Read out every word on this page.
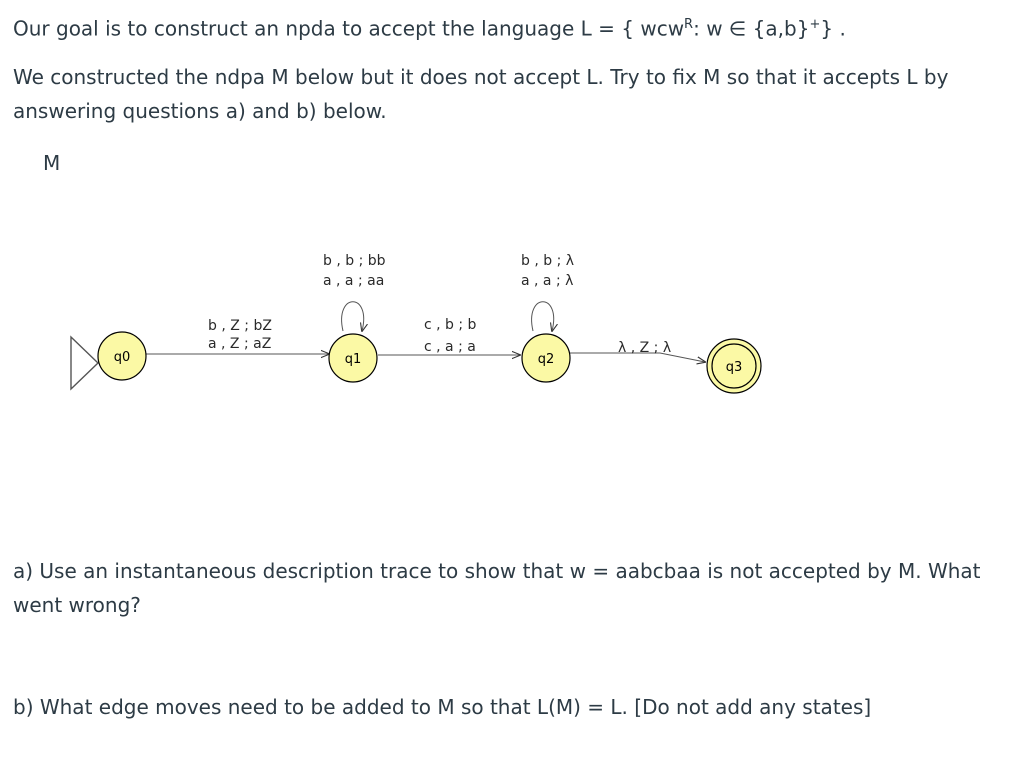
Our goal is to construct an npda to accept the language L = { wcw$^R$: w ∈ {a,b}+} .

We constructed the ndpa M below but it does not accept L. Try to fix M so that it accepts L by answering questions a) and b) below.

M
b , Z ; bZ
a , Z ; aZ
b , b ; bb
a , a ; aa
c , b ; b
c , a ; a
b , b ; λ
a , a ; λ
λ , Z ; λ
q0	q1	q2
q3

a) Use an instantaneous description trace to show that w = aabcbaa is not accepted by M. What went wrong?

b) What edge moves need to be added to M so that L(M) = L. [Do not add any states]
